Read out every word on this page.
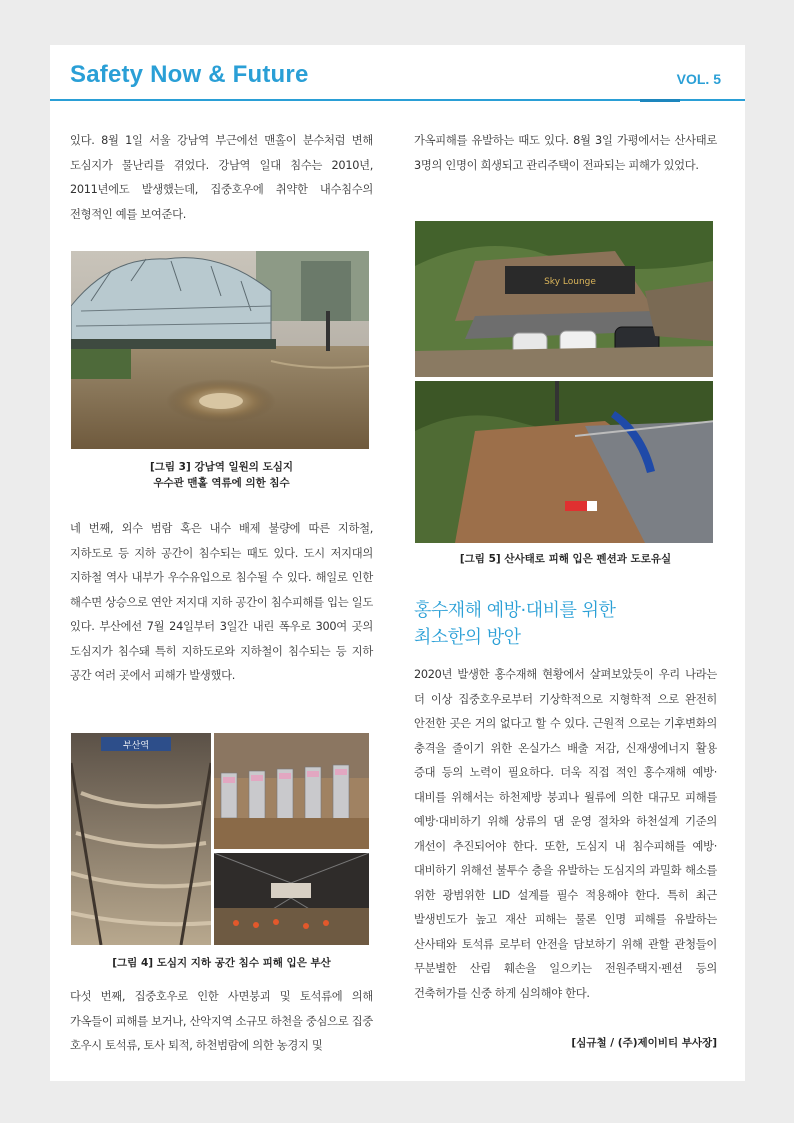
Safety Now & Future	VOL. 5

있다. 8월 1일 서울 강남역 부근에선 맨홀이 분수처럼 변해 도심지가 물난리를 겪었다. 강남역 일대 침수는 2010년, 2011년에도 발생했는데, 집중호우에 취약한 내수침수의 전형적인 예를 보여준다.

[그림 3] 강남역 일원의 도심지

우수관 맨홀 역류에 의한 침수

네 번째, 외수 범람 혹은 내수 배제 불량에 따른 지하철, 지하도로 등 지하 공간이 침수되는 때도 있다. 도시 저지대의 지하철 역사 내부가 우수유입으로 침수될 수 있다. 해일로 인한 해수면 상승으로 연안 저지대 지하 공간이 침수피해를 입는 일도 있다. 부산에선 7월 24일부터 3일간 내린 폭우로 300여 곳의 도심지가 침수돼 특히 지하도로와 지하철이 침수되는 등 지하 공간 여러 곳에서 피해가 발생했다.

부산역

[그림 4] 도심지 지하 공간 침수 피해 입은 부산

다섯 번째, 집중호우로 인한 사면붕괴 및 토석류에 의해 가옥들이 피해를 보거나, 산악지역 소규모 하천을 중심으로 집중 호우시 토석류, 토사 퇴적, 하천범람에 의한 농경지 및

가옥피해를 유발하는 때도 있다. 8월 3일 가평에서는 산사태로 3명의 인명이 희생되고 관리주택이 전파되는 피해가 있었다.

Sky Lounge

[그림 5] 산사태로 피해 입은 펜션과 도로유실

홍수재해 예방·대비를 위한

최소한의 방안

2020년 발생한 홍수재해 현황에서 살펴보았듯이 우리 나라는 더 이상 집중호우로부터 기상학적으로 지형학적 으로 완전히 안전한 곳은 거의 없다고 할 수 있다. 근원적 으로는 기후변화의 충격을 줄이기 위한 온실가스 배출 저감, 신재생에너지 활용 증대 등의 노력이 필요하다. 더욱 직접 적인 홍수재해 예방·대비를 위해서는 하천제방 붕괴나 월류에 의한 대규모 피해를 예방·대비하기 위해 상류의 댐 운영 절차와 하천설계 기준의 개선이 추진되어야 한다. 또한, 도심지 내 침수피해를 예방·대비하기 위해선 불투수 층을 유발하는 도심지의 과밀화 해소를 위한 광범위한 LID 설계를 필수 적용해야 한다. 특히 최근 발생빈도가 높고 재산 피해는 물론 인명 피해를 유발하는 산사태와 토석류 로부터 안전을 담보하기 위해 관할 관청들이 무분별한 산림 훼손을 일으키는 전원주택지·펜션 등의 건축허가를 신중 하게 심의해야 한다.

[심규철 / (주)제이비티 부사장]
